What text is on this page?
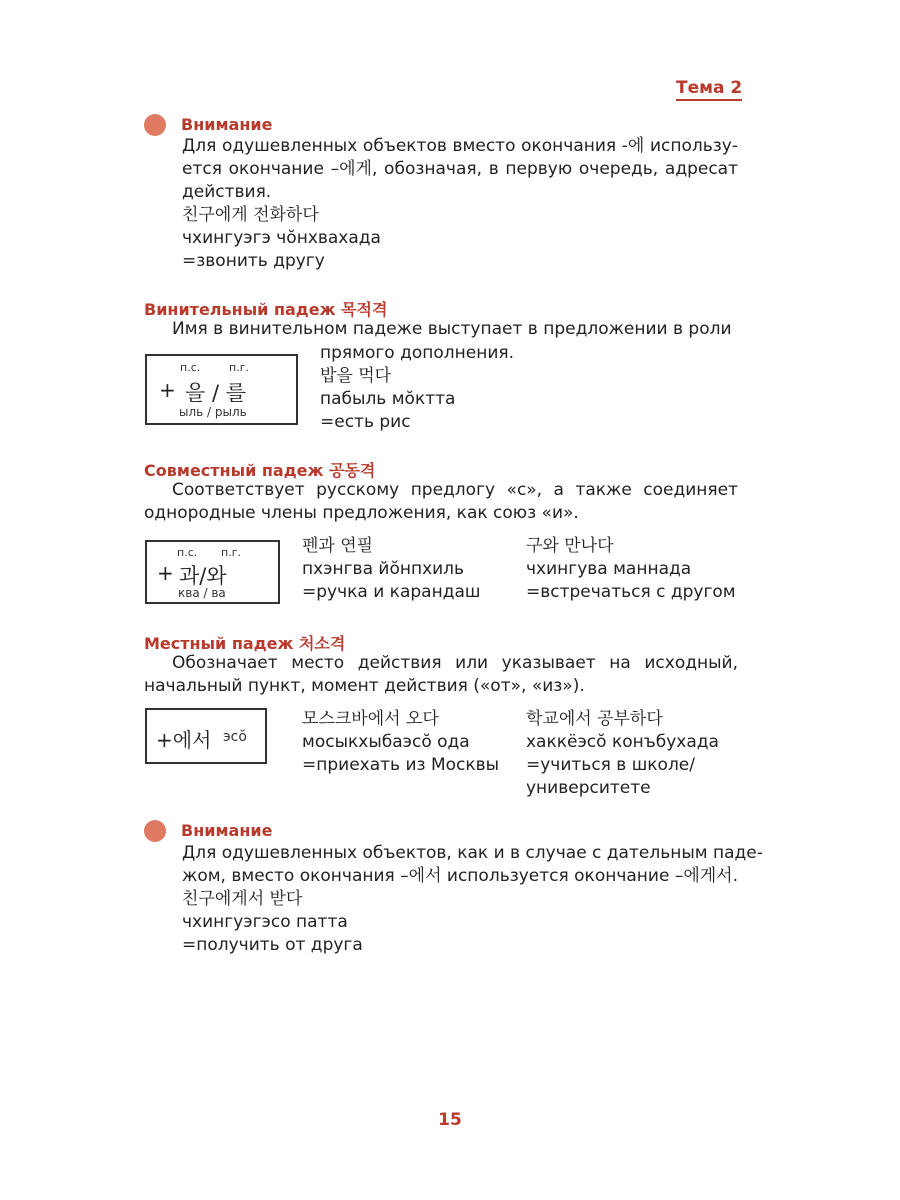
Тема 2
Внимание
Для одушевленных объектов вместо окончания -에 использу-
ется окончание –에게, обозначая, в первую очередь, адресат
действия.
친구에게 전화하다
чхингуэгэ чŏнхвахада
=звонить другу
Винительный падеж 목적격
Имя в винительном падеже выступает в предложении в роли
прямого дополнения.
п.с.	п.г.
+ 을 / 를
ыль / рыль
밥을 먹다
пабыль мŏктта
=есть рис
Совместный падеж 공동격
Соответствует русскому предлогу «с», а также соединяет
однородные члены предложения, как союз «и».
п.с. п.г.
+ 과/와
ква / ва
펜과 연필
пхэнгва йŏнпхиль
=ручка и карандаш
구와 만나다
чхингува маннада
=встречаться с другом
Местный падеж 처소격
Обозначает место действия или указывает на исходный,
начальный пункт, момент действия («от», «из»).
+에서 эсŏ
모스크바에서 오다
мосыкхыбаэсŏ ода
=приехать из Москвы
학교에서 공부하다
хаккёэсŏ конъбухада
=учиться в школе/
университете
Внимание
Для одушевленных объектов, как и в случае с дательным паде-
жом, вместо окончания –에서 используется окончание –에게서.
친구에게서 받다
чхингуэгэсо патта
=получить от друга
15
